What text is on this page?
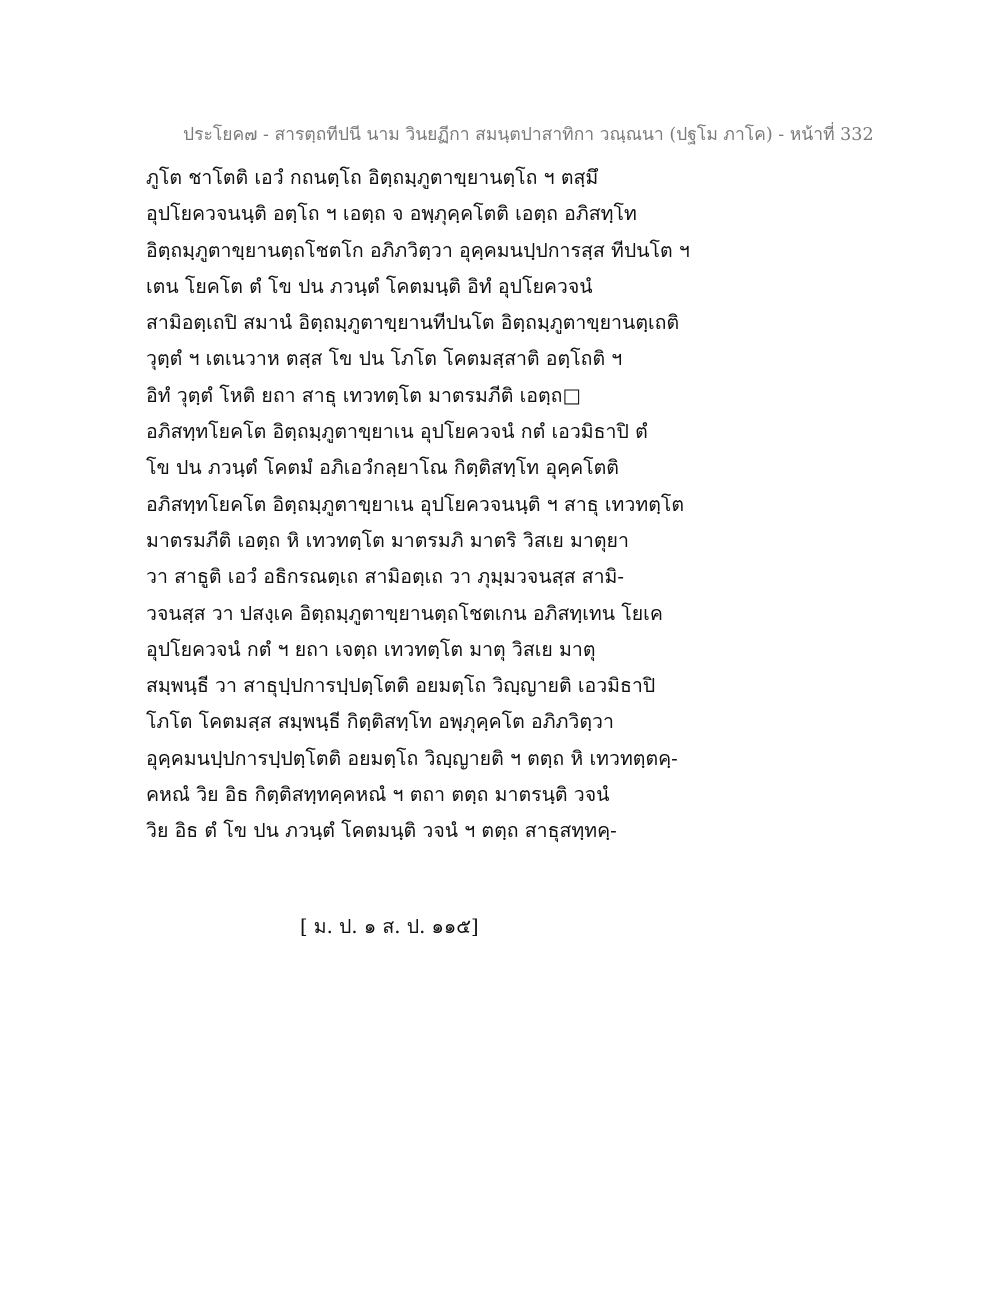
ประโยค๗ - สารตฺถทีปนี นาม วินยฏีกา สมนฺตปาสาทิกา วณฺณนา (ปฐโม ภาโค) - หน้าที่ 332
ภูโต ชาโตติ เอวํ กถนตฺโถ อิตฺถมฺภูตาขฺยานตฺโถ ฯ ตสฺมึ
อุปโยควจนนฺติ อตฺโถ ฯ เอตฺถ จ อพฺภุคฺคโตติ เอตฺถ อภิสทฺโท
อิตฺถมฺภูตาขฺยานตฺถโชตโก อภิภวิตฺวา อุคฺคมนปฺปการสฺส ทีปนโต ฯ
เตน โยคโต ตํ โข ปน ภวนฺตํ โคตมนฺติ อิทํ อุปโยควจนํ
สามิอตฺเถปิ สมานํ อิตฺถมฺภูตาขฺยานทีปนโต อิตฺถมฺภูตาขฺยานตฺเถติ
วุตฺตํ ฯ เตเนวาห ตสฺส โข ปน โภโต โคตมสฺสาติ อตฺโถติ ฯ
อิทํ วุตฺตํ โหติ ยถา สาธุ เทวทตฺโต มาตรมภีติ เอตฺถ□
อภิสทฺทโยคโต อิตฺถมฺภูตาขฺยาเน อุปโยควจนํ กตํ เอวมิธาปิ ตํ
โข ปน ภวนฺตํ โคตมํ อภิเอวํกลฺยาโณ กิตฺติสทฺโท อุคฺคโตติ
อภิสทฺทโยคโต อิตฺถมฺภูตาขฺยาเน อุปโยควจนนฺติ ฯ สาธุ เทวทตฺโต
มาตรมภีติ เอตฺถ หิ เทวทตฺโต มาตรมภิ มาตริ วิสเย มาตุยา
วา สาธูติ เอวํ อธิกรณตฺเถ สามิอตฺเถ วา ภุมฺมวจนสฺส สามิ-
วจนสฺส วา ปสงฺเค อิตฺถมฺภูตาขฺยานตฺถโชตเกน อภิสทฺเทน โยเค
อุปโยควจนํ กตํ ฯ ยถา เจตฺถ เทวทตฺโต มาตุ วิสเย มาตุ
สมฺพนฺธี วา สาธุปฺปการปฺปตฺโตติ อยมตฺโถ วิญฺญายติ เอวมิธาปิ
โภโต โคตมสฺส สมฺพนฺธี กิตฺติสทฺโท อพฺภุคฺคโต อภิภวิตฺวา
อุคฺคมนปฺปการปฺปตฺโตติ อยมตฺโถ วิญฺญายติ ฯ ตตฺถ หิ เทวทตฺตคฺ-
คหณํ วิย อิธ กิตฺติสทฺทคฺคหณํ ฯ ตถา ตตฺถ มาตรนฺติ วจนํ
วิย อิธ ตํ โข ปน ภวนฺตํ โคตมนฺติ วจนํ ฯ ตตฺถ สาธุสทฺทคฺ-
[ ม. ป. ๑ ส. ป. ๑๑๕]
